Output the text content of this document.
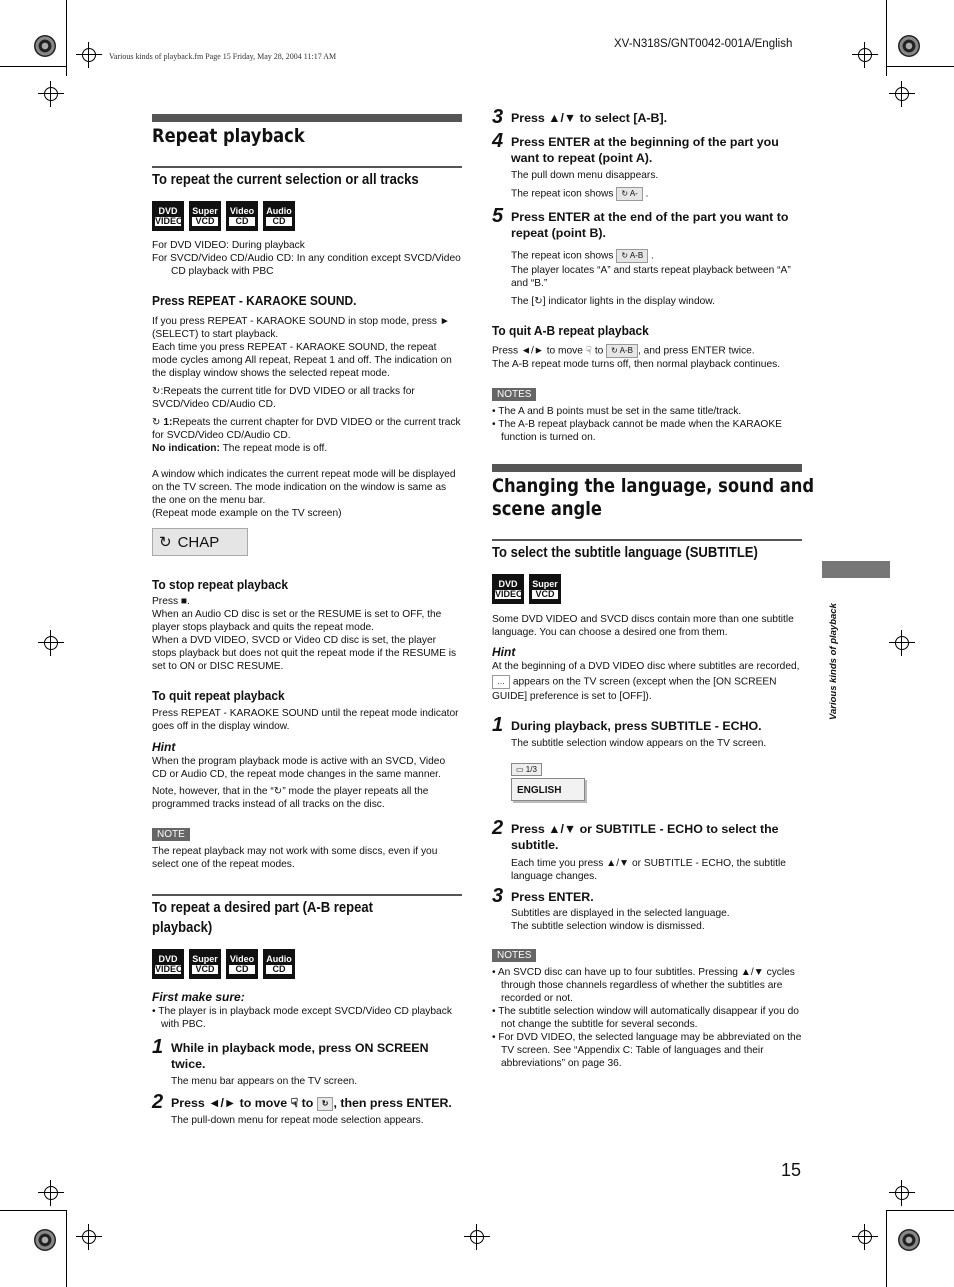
Various kinds of playback.fm Page 15 Friday, May 28, 2004 11:17 AM
XV-N318S/GNT0042-001A/English
Various kinds of playback
15
Repeat playback
To repeat the current selection or all tracks
DVD
VIDEO
Super
VCD
Video
CD
Audio
CD
For DVD VIDEO: During playback
For SVCD/Video CD/Audio CD: In any condition except SVCD/Video CD playback with PBC
Press REPEAT - KARAOKE SOUND.
If you press REPEAT - KARAOKE SOUND in stop mode, press ► (SELECT) to start playback.
Each time you press REPEAT - KARAOKE SOUND, the repeat mode cycles among All repeat, Repeat 1 and off. The indication on the display window shows the selected repeat mode.
↻:Repeats the current title for DVD VIDEO or all tracks for SVCD/Video CD/Audio CD.
↻ 1:Repeats the current chapter for DVD VIDEO or the current track for SVCD/Video CD/Audio CD.
No indication: The repeat mode is off.
A window which indicates the current repeat mode will be displayed on the TV screen. The mode indication on the window is same as the one on the menu bar.
(Repeat mode example on the TV screen)
↻ CHAP
To stop repeat playback
Press ■.
When an Audio CD disc is set or the RESUME is set to OFF, the player stops playback and quits the repeat mode.
When a DVD VIDEO, SVCD or Video CD disc is set, the player stops playback but does not quit the repeat mode if the RESUME is set to ON or DISC RESUME.
To quit repeat playback
Press REPEAT - KARAOKE SOUND until the repeat mode indicator goes off in the display window.
Hint
When the program playback mode is active with an SVCD, Video CD or Audio CD, the repeat mode changes in the same manner.
Note, however, that in the “↻” mode the player repeats all the programmed tracks instead of all tracks on the disc.
NOTE
The repeat playback may not work with some discs, even if you select one of the repeat modes.
To repeat a desired part (A-B repeat
playback)
DVD
VIDEO
Super
VCD
Video
CD
Audio
CD
First make sure:
• The player is in playback mode except SVCD/Video CD playback with PBC.
1 While in playback mode, press ON SCREEN twice.
The menu bar appears on the TV screen.
2 Press ◄/► to move ☟ to ↻ , then press ENTER.
The pull-down menu for repeat mode selection appears.
3 Press ▲/▼ to select [A-B].
4 Press ENTER at the beginning of the part you want to repeat (point A).
The pull down menu disappears.
The repeat icon shows ↻ A- .
5 Press ENTER at the end of the part you want to repeat (point B).
The repeat icon shows ↻ A-B .
The player locates “A” and starts repeat playback between “A” and “B.”
The [↻] indicator lights in the display window.
To quit A-B repeat playback
Press ◄/► to move ☟ to ↻ A-B , and press ENTER twice.
The A-B repeat mode turns off, then normal playback continues.
NOTES
• The A and B points must be set in the same title/track.
• The A-B repeat playback cannot be made when the KARAOKE function is turned on.
Changing the language, sound and
scene angle
To select the subtitle language (SUBTITLE)
DVD
VIDEO
Super
VCD
Some DVD VIDEO and SVCD discs contain more than one subtitle language. You can choose a desired one from them.
Hint
At the beginning of a DVD VIDEO disc where subtitles are recorded, … appears on the TV screen (except when the [ON SCREEN GUIDE] preference is set to [OFF]).
1 During playback, press SUBTITLE - ECHO.
The subtitle selection window appears on the TV screen.
▭ 1/3
ENGLISH
2 Press ▲/▼ or SUBTITLE - ECHO to select the subtitle.
Each time you press ▲/▼ or SUBTITLE - ECHO, the subtitle language changes.
3 Press ENTER.
Subtitles are displayed in the selected language.
The subtitle selection window is dismissed.
NOTES
• An SVCD disc can have up to four subtitles. Pressing ▲/▼ cycles through those channels regardless of whether the subtitles are recorded or not.
• The subtitle selection window will automatically disappear if you do not change the subtitle for several seconds.
• For DVD VIDEO, the selected language may be abbreviated on the TV screen. See “Appendix C: Table of languages and their abbreviations” on page 36.
